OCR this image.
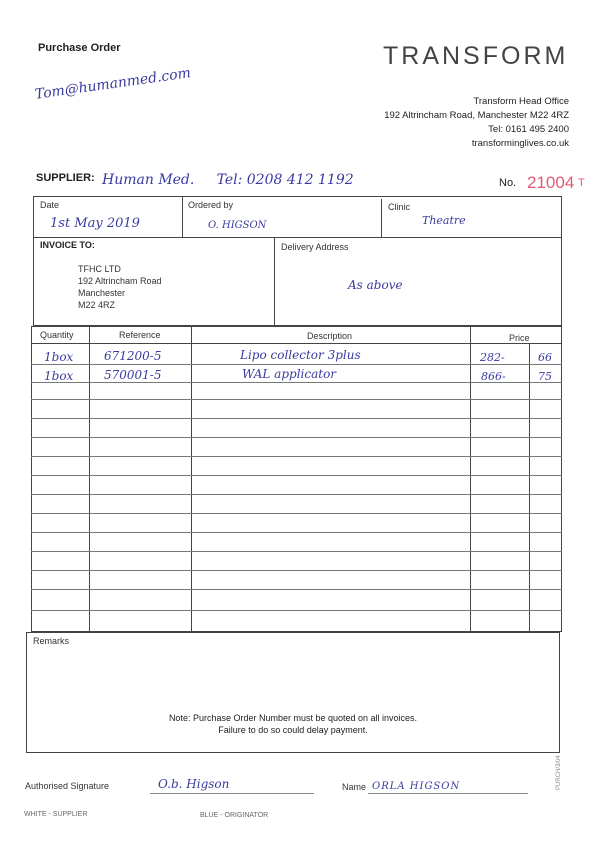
Purchase Order	TRANSFORM
Tom@humanmed.com	Transform Head Office
192 Altrincham Road, Manchester M22 4RZ
Tel: 0161 495 2400
transforminglives.co.uk
SUPPLIER: Human Med.     Tel: 0208 412 1192	No. 21004 T
Date
1st May 2019
Ordered by
O. HIGSON
Clinic
Theatre
INVOICE TO:
TFHC LTD
192 Altrincham Road
Manchester
M22 4RZ
Delivery Address
As above
Quantity	Reference	Description	Price
1box	671200-5	Lipo collector 3plus	282-	66
1box	570001-5	WAL applicator	866-	75
Remarks
Note: Purchase Order Number must be quoted on all invoices.
Failure to do so could delay payment.
Authorised Signature	O.b. Higson	Name ORLA HIGSON
WHITE - SUPPLIER	BLUE - ORIGINATOR
PURCH/3/04
